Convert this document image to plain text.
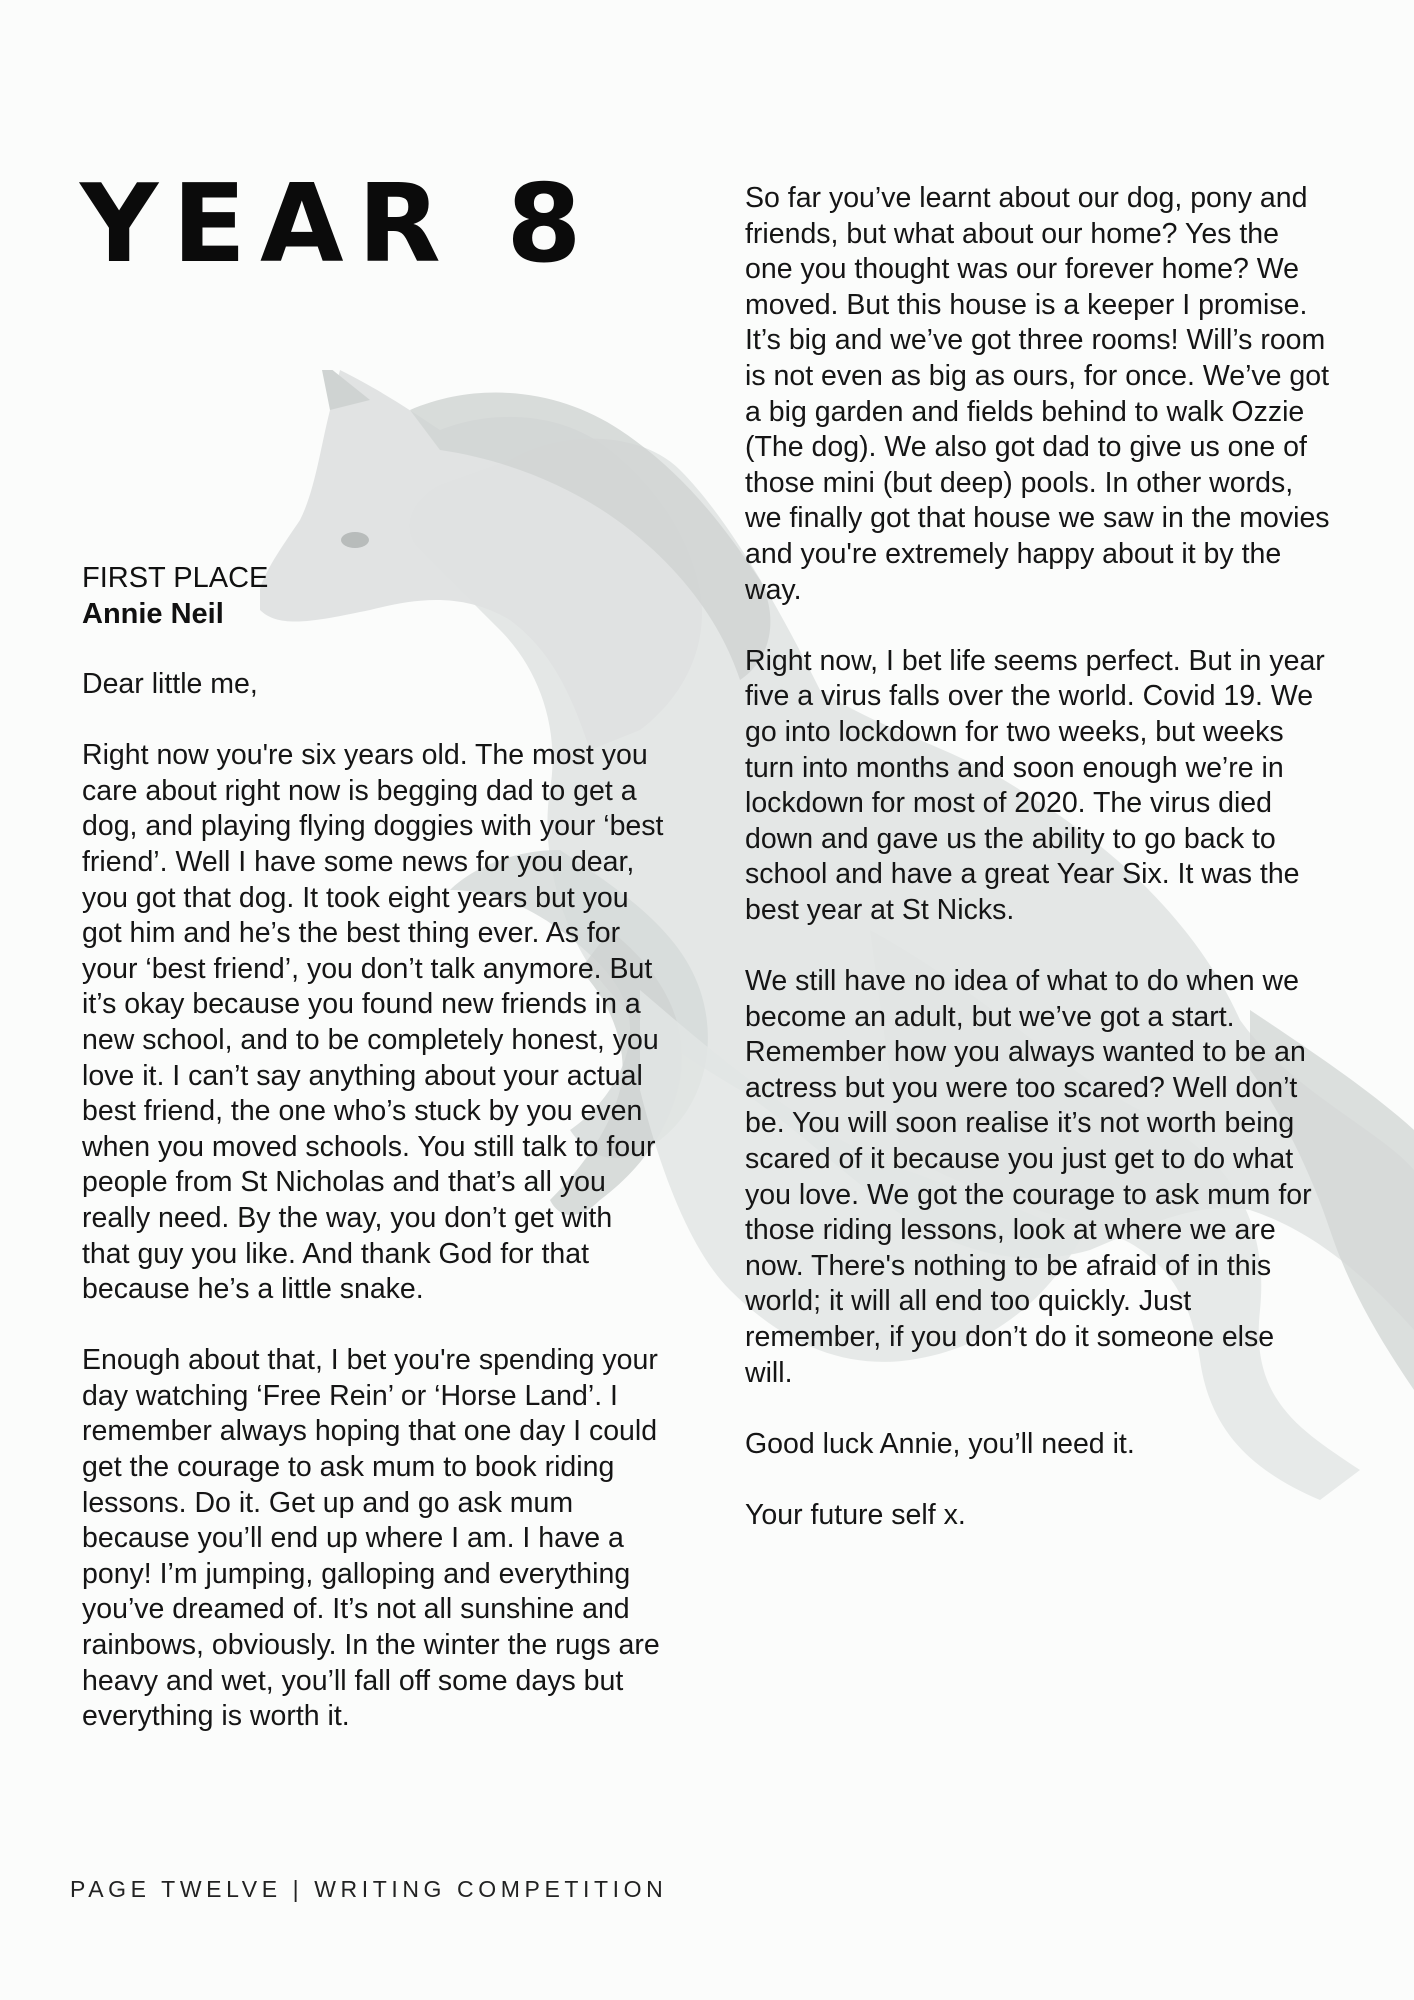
YEAR 8
FIRST PLACE
Annie Neil

Dear little me,

Right now you're six years old. The most you
care about right now is begging dad to get a
dog, and playing flying doggies with your ‘best
friend’. Well I have some news for you dear,
you got that dog. It took eight years but you
got him and he’s the best thing ever. As for
your ‘best friend’, you don’t talk anymore. But
it’s okay because you found new friends in a
new school, and to be completely honest, you
love it. I can’t say anything about your actual
best friend, the one who’s stuck by you even
when you moved schools. You still talk to four
people from St Nicholas and that’s all you
really need. By the way, you don’t get with
that guy you like. And thank God for that
because he’s a little snake.

Enough about that, I bet you're spending your
day watching ‘Free Rein’ or ‘Horse Land’. I
remember always hoping that one day I could
get the courage to ask mum to book riding
lessons. Do it. Get up and go ask mum
because you’ll end up where I am. I have a
pony! I’m jumping, galloping and everything
you’ve dreamed of. It’s not all sunshine and
rainbows, obviously. In the winter the rugs are
heavy and wet, you’ll fall off some days but
everything is worth it.

So far you’ve learnt about our dog, pony and
friends, but what about our home? Yes the
one you thought was our forever home? We
moved. But this house is a keeper I promise.
It’s big and we’ve got three rooms! Will’s room
is not even as big as ours, for once. We’ve got
a big garden and fields behind to walk Ozzie
(The dog). We also got dad to give us one of
those mini (but deep) pools. In other words,
we finally got that house we saw in the movies
and you're extremely happy about it by the
way.

Right now, I bet life seems perfect. But in year
five a virus falls over the world. Covid 19. We
go into lockdown for two weeks, but weeks
turn into months and soon enough we’re in
lockdown for most of 2020. The virus died
down and gave us the ability to go back to
school and have a great Year Six. It was the
best year at St Nicks.

We still have no idea of what to do when we
become an adult, but we’ve got a start.
Remember how you always wanted to be an
actress but you were too scared? Well don’t
be. You will soon realise it’s not worth being
scared of it because you just get to do what
you love. We got the courage to ask mum for
those riding lessons, look at where we are
now. There's nothing to be afraid of in this
world; it will all end too quickly. Just
remember, if you don’t do it someone else
will.

Good luck Annie, you’ll need it.

Your future self x.

PAGE TWELVE | WRITING COMPETITION
